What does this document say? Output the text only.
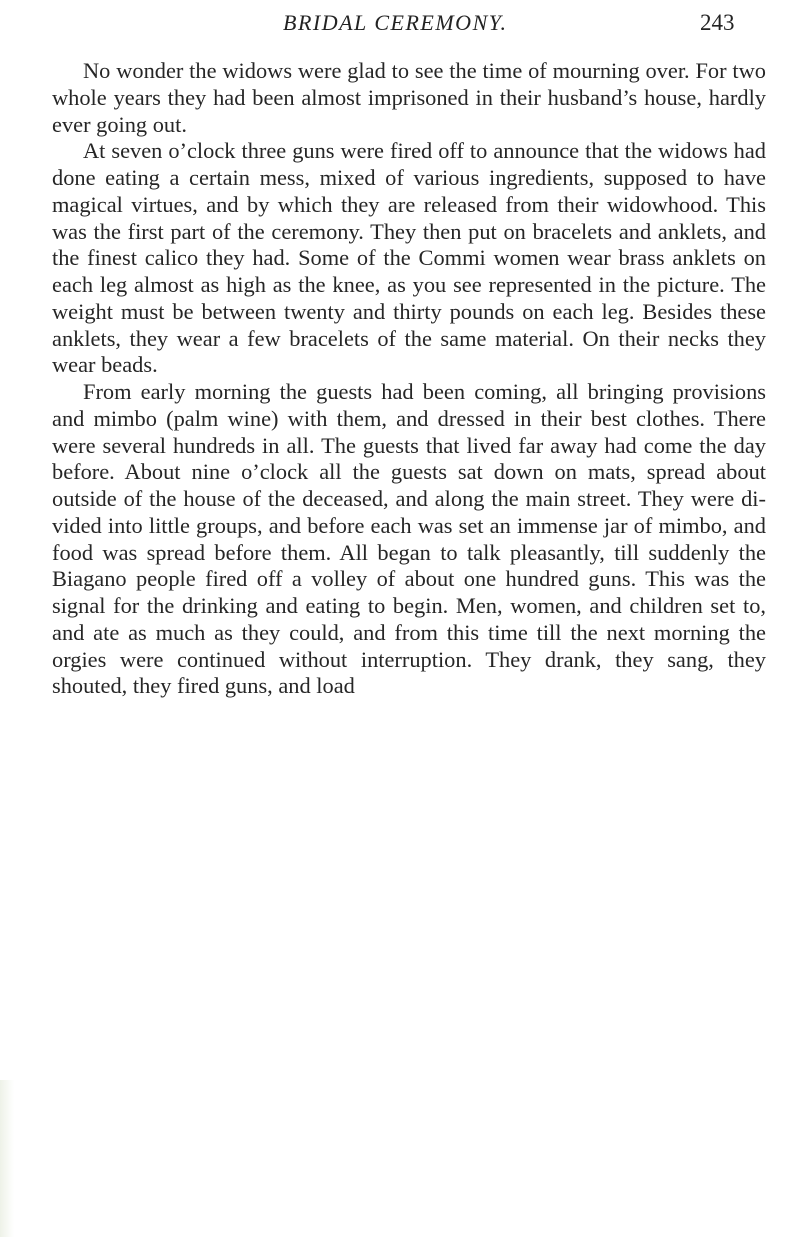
BRIDAL CEREMONY.	243

No wonder the widows were glad to see the time of mourning over. For two whole years they had been almost imprisoned in their husband’s house, hardly ever going out.

At seven o’clock three guns were fired off to announce that the widows had done eating a certain mess, mixed of various ingredients, supposed to have magical virtues, and by which they are released from their widowhood. This was the first part of the ceremony. They then put on bracelets and anklets, and the finest calico they had. Some of the Commi women wear brass anklets on each leg almost as high as the knee, as you see represented in the picture. The weight must be between twenty and thirty pounds on each leg. Besides these anklets, they wear a few bracelets of the same material. On their necks they wear beads.

From early morning the guests had been coming, all bringing provisions and mimbo (palm wine) with them, and dressed in their best clothes. There were several hundreds in all. The guests that lived far away had come the day before. About nine o’clock all the guests sat down on mats, spread about outside of the house of the deceased, and along the main street. They were divided into little groups, and before each was set an immense jar of mimbo, and food was spread before them. All began to talk pleasantly, till suddenly the Biagano people fired off a volley of about one hundred guns. This was the signal for the drinking and eating to begin. Men, women, and children set to, and ate as much as they could, and from this time till the next morning the orgies were continued without interruption. They drank, they sang, they shouted, they fired guns, and load
